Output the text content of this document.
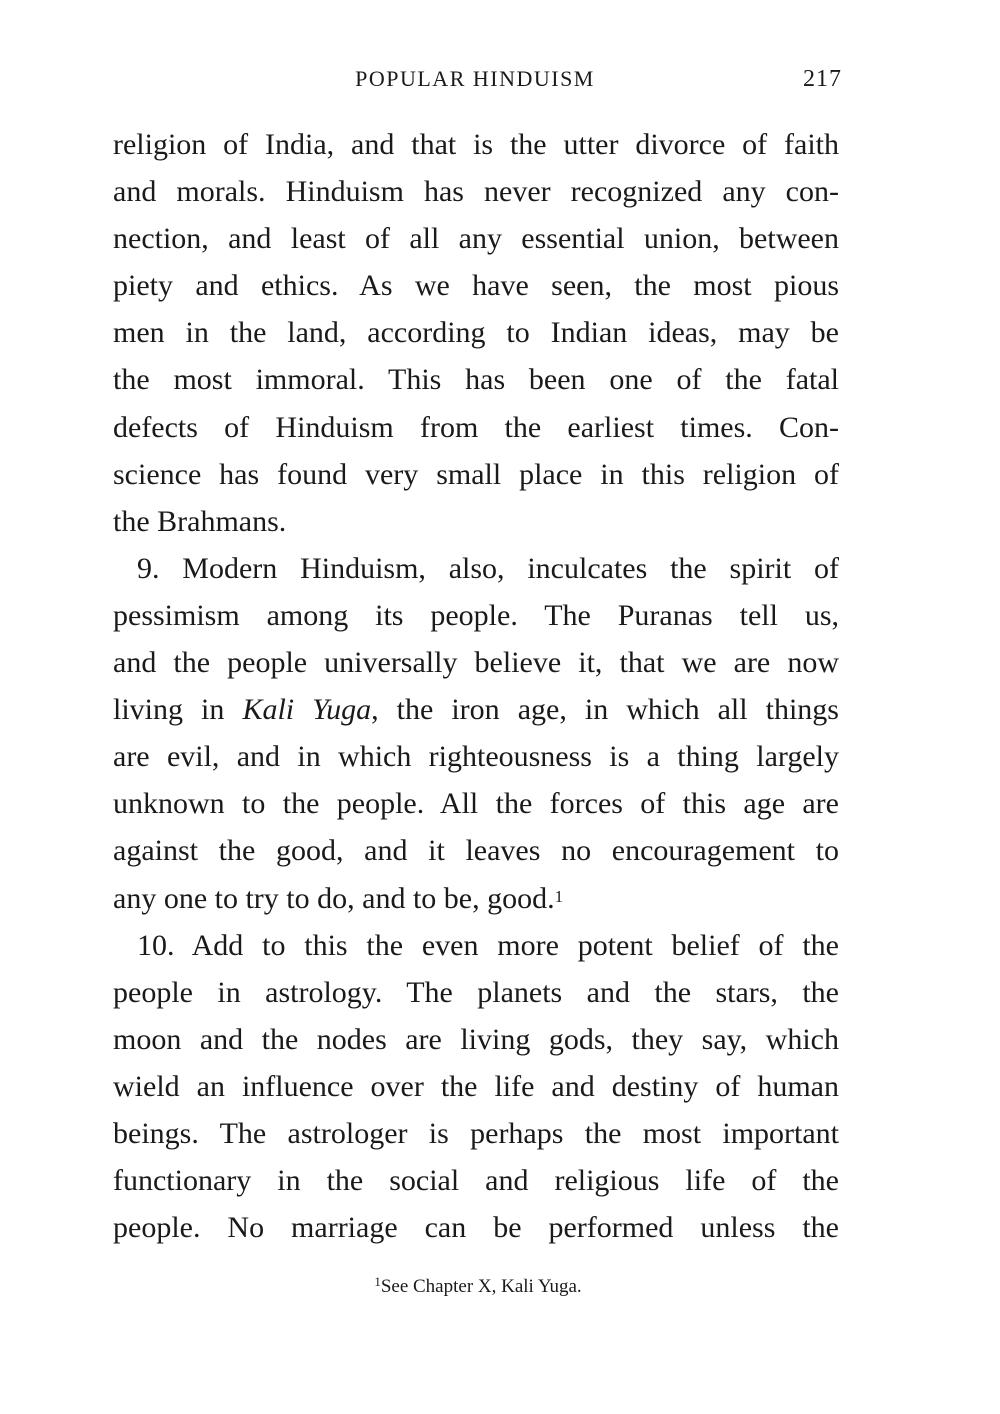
POPULAR HINDUISM	217
religion of India, and that is the utter divorce of faith
and morals. Hinduism has never recognized any con-
nection, and least of all any essential union, between
piety and ethics. As we have seen, the most pious
men in the land, according to Indian ideas, may be
the most immoral. This has been one of the fatal
defects of Hinduism from the earliest times. Con-
science has found very small place in this religion of
the Brahmans.
9. Modern Hinduism, also, inculcates the spirit of
pessimism among its people. The Puranas tell us,
and the people universally believe it, that we are now
living in Kali Yuga, the iron age, in which all things
are evil, and in which righteousness is a thing largely
unknown to the people. All the forces of this age are
against the good, and it leaves no encouragement to
any one to try to do, and to be, good.$^1$
10. Add to this the even more potent belief of the
people in astrology. The planets and the stars, the
moon and the nodes are living gods, they say, which
wield an influence over the life and destiny of human
beings. The astrologer is perhaps the most important
functionary in the social and religious life of the
people. No marriage can be performed unless the
$^1$See Chapter X, Kali Yuga.
